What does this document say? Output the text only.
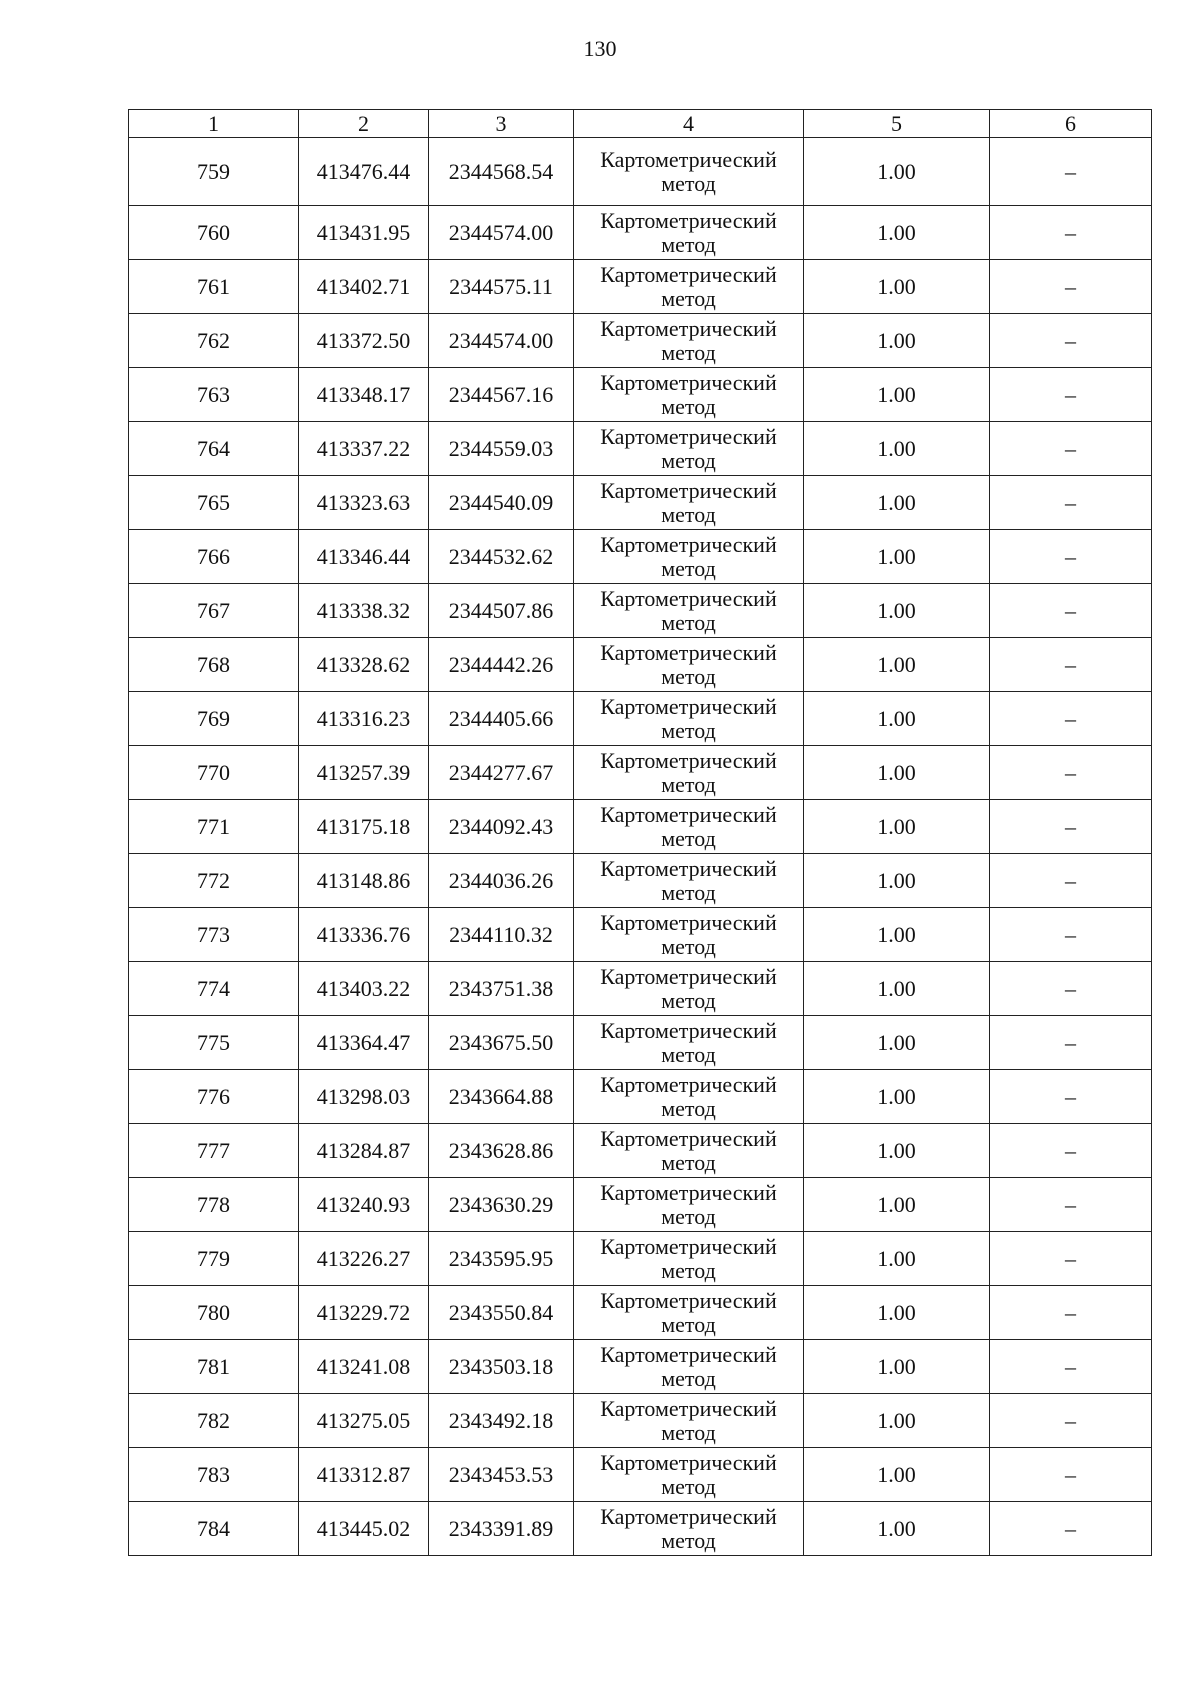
130
1	2	3	4	5	6
759	413476.44	2344568.54	Картометрический метод	1.00	–
760	413431.95	2344574.00	Картометрический метод	1.00	–
761	413402.71	2344575.11	Картометрический метод	1.00	–
762	413372.50	2344574.00	Картометрический метод	1.00	–
763	413348.17	2344567.16	Картометрический метод	1.00	–
764	413337.22	2344559.03	Картометрический метод	1.00	–
765	413323.63	2344540.09	Картометрический метод	1.00	–
766	413346.44	2344532.62	Картометрический метод	1.00	–
767	413338.32	2344507.86	Картометрический метод	1.00	–
768	413328.62	2344442.26	Картометрический метод	1.00	–
769	413316.23	2344405.66	Картометрический метод	1.00	–
770	413257.39	2344277.67	Картометрический метод	1.00	–
771	413175.18	2344092.43	Картометрический метод	1.00	–
772	413148.86	2344036.26	Картометрический метод	1.00	–
773	413336.76	2344110.32	Картометрический метод	1.00	–
774	413403.22	2343751.38	Картометрический метод	1.00	–
775	413364.47	2343675.50	Картометрический метод	1.00	–
776	413298.03	2343664.88	Картометрический метод	1.00	–
777	413284.87	2343628.86	Картометрический метод	1.00	–
778	413240.93	2343630.29	Картометрический метод	1.00	–
779	413226.27	2343595.95	Картометрический метод	1.00	–
780	413229.72	2343550.84	Картометрический метод	1.00	–
781	413241.08	2343503.18	Картометрический метод	1.00	–
782	413275.05	2343492.18	Картометрический метод	1.00	–
783	413312.87	2343453.53	Картометрический метод	1.00	–
784	413445.02	2343391.89	Картометрический метод	1.00	–
